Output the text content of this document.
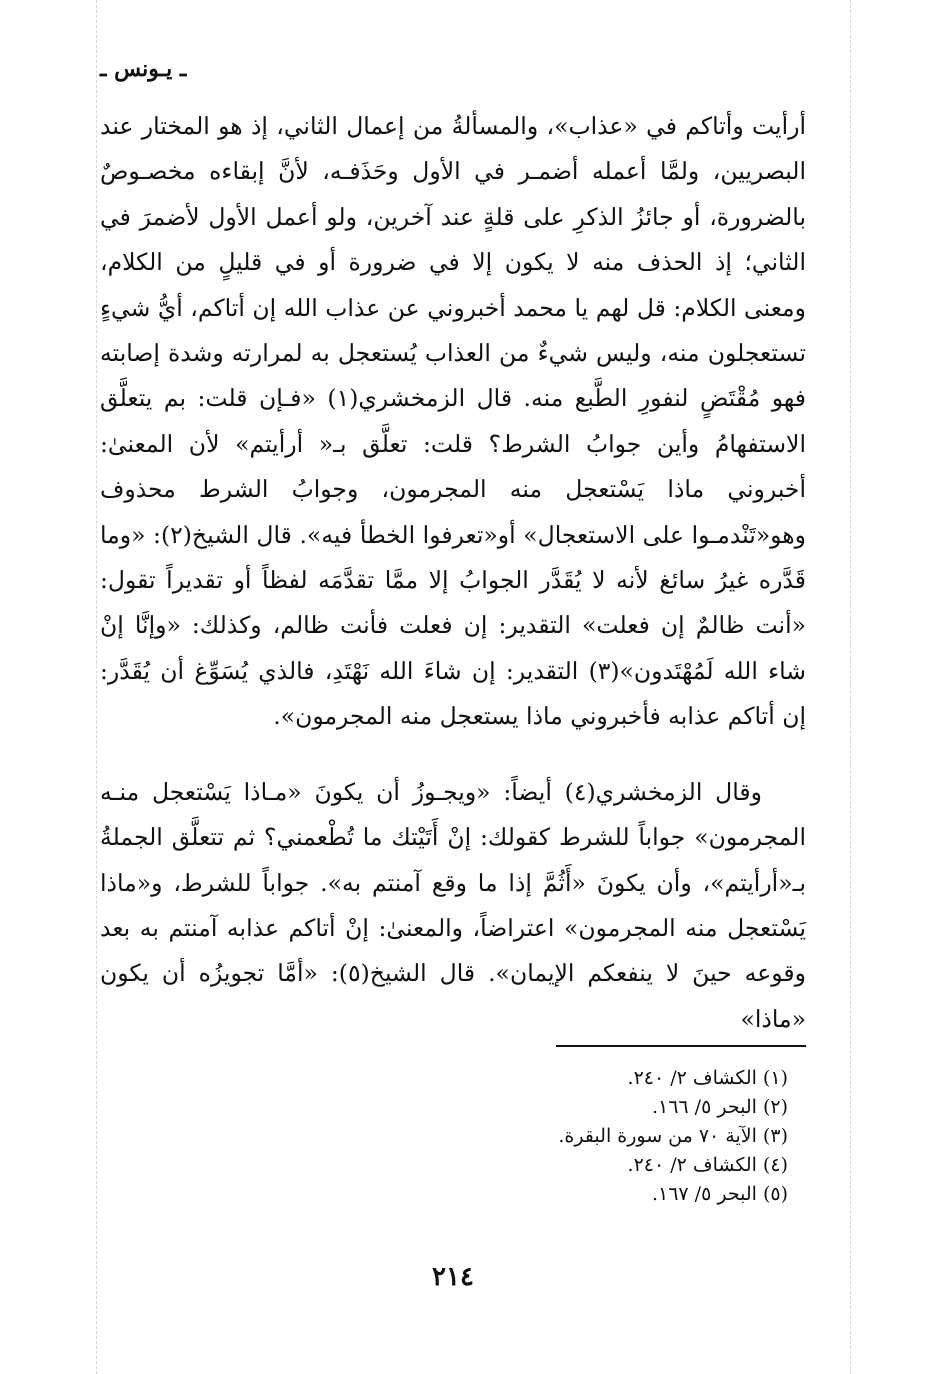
ـ يـونس ـ

أرأيت وأتاكم في «عذاب»، والمسألةُ من إعمال الثاني، إذ هو المختار عند البصريين، ولمَّا أعمله أضمـر في الأول وحَذَفـه، لأنَّ إبقاءه مخصـوصٌ بالضرورة، أو جائزُ الذكرِ على قلةٍ عند آخرين، ولو أعمل الأول لأضمرَ في الثاني؛ إذ الحذف منه لا يكون إلا في ضرورة أو في قليلٍ من الكلام، ومعنى الكلام: قل لهم يا محمد أخبروني عن عذاب الله إن أتاكم، أيُّ شيءٍ تستعجلون منه، وليس شيءٌ من العذاب يُستعجل به لمرارته وشدة إصابته فهو مُقْتَضٍ لنفورِ الطَّبع منه. قال الزمخشري(١) «فـإن قلت: بم يتعلَّق الاستفهامُ وأين جوابُ الشرط؟ قلت: تعلَّق بـ« أرأيتم» لأن المعنىٰ: أخبروني ماذا يَسْتعجل منه المجرمون، وجوابُ الشرط محذوف وهو«تَنْدمـوا على الاستعجال» أو«تعرفوا الخطأ فيه». قال الشيخ(٢): «وما قَدَّره غيرُ سائغ لأنه لا يُقَدَّر الجوابُ إلا ممَّا تقدَّمَه لفظاً أو تقديراً تقول: «أنت ظالمٌ إن فعلت» التقدير: إن فعلت فأنت ظالم، وكذلك: «وإنَّا إنْ شاء الله لَمُهْتَدون»(٣) التقدير: إن شاءَ الله نَهْتَدِ، فالذي يُسَوِّغ أن يُقَدَّر: إن أتاكم عذابه فأخبروني ماذا يستعجل منه المجرمون».

وقال الزمخشري(٤) أيضاً: «ويجـوزُ أن يكونَ «مـاذا يَسْتعجل منـه المجرمون» جواباً للشرط كقولك: إنْ أَتَيْتك ما تُطْعمني؟ ثم تتعلَّق الجملةُ بـ«أرأيتم»، وأن يكونَ «أَثُمَّ إذا ما وقع آمنتم به». جواباً للشرط، و«ماذا يَسْتعجل منه المجرمون» اعتراضاً، والمعنىٰ: إنْ أتاكم عذابه آمنتم به بعد وقوعه حينَ لا ينفعكم الإيمان». قال الشيخ(٥): «أمَّا تجويزُه أن يكون «ماذا»

(١) الكشاف ٢/ ٢٤٠.
(٢) البحر ٥/ ١٦٦.
(٣) الآية ٧٠ من سورة البقرة.
(٤) الكشاف ٢/ ٢٤٠.
(٥) البحر ٥/ ١٦٧.
٢١٤
